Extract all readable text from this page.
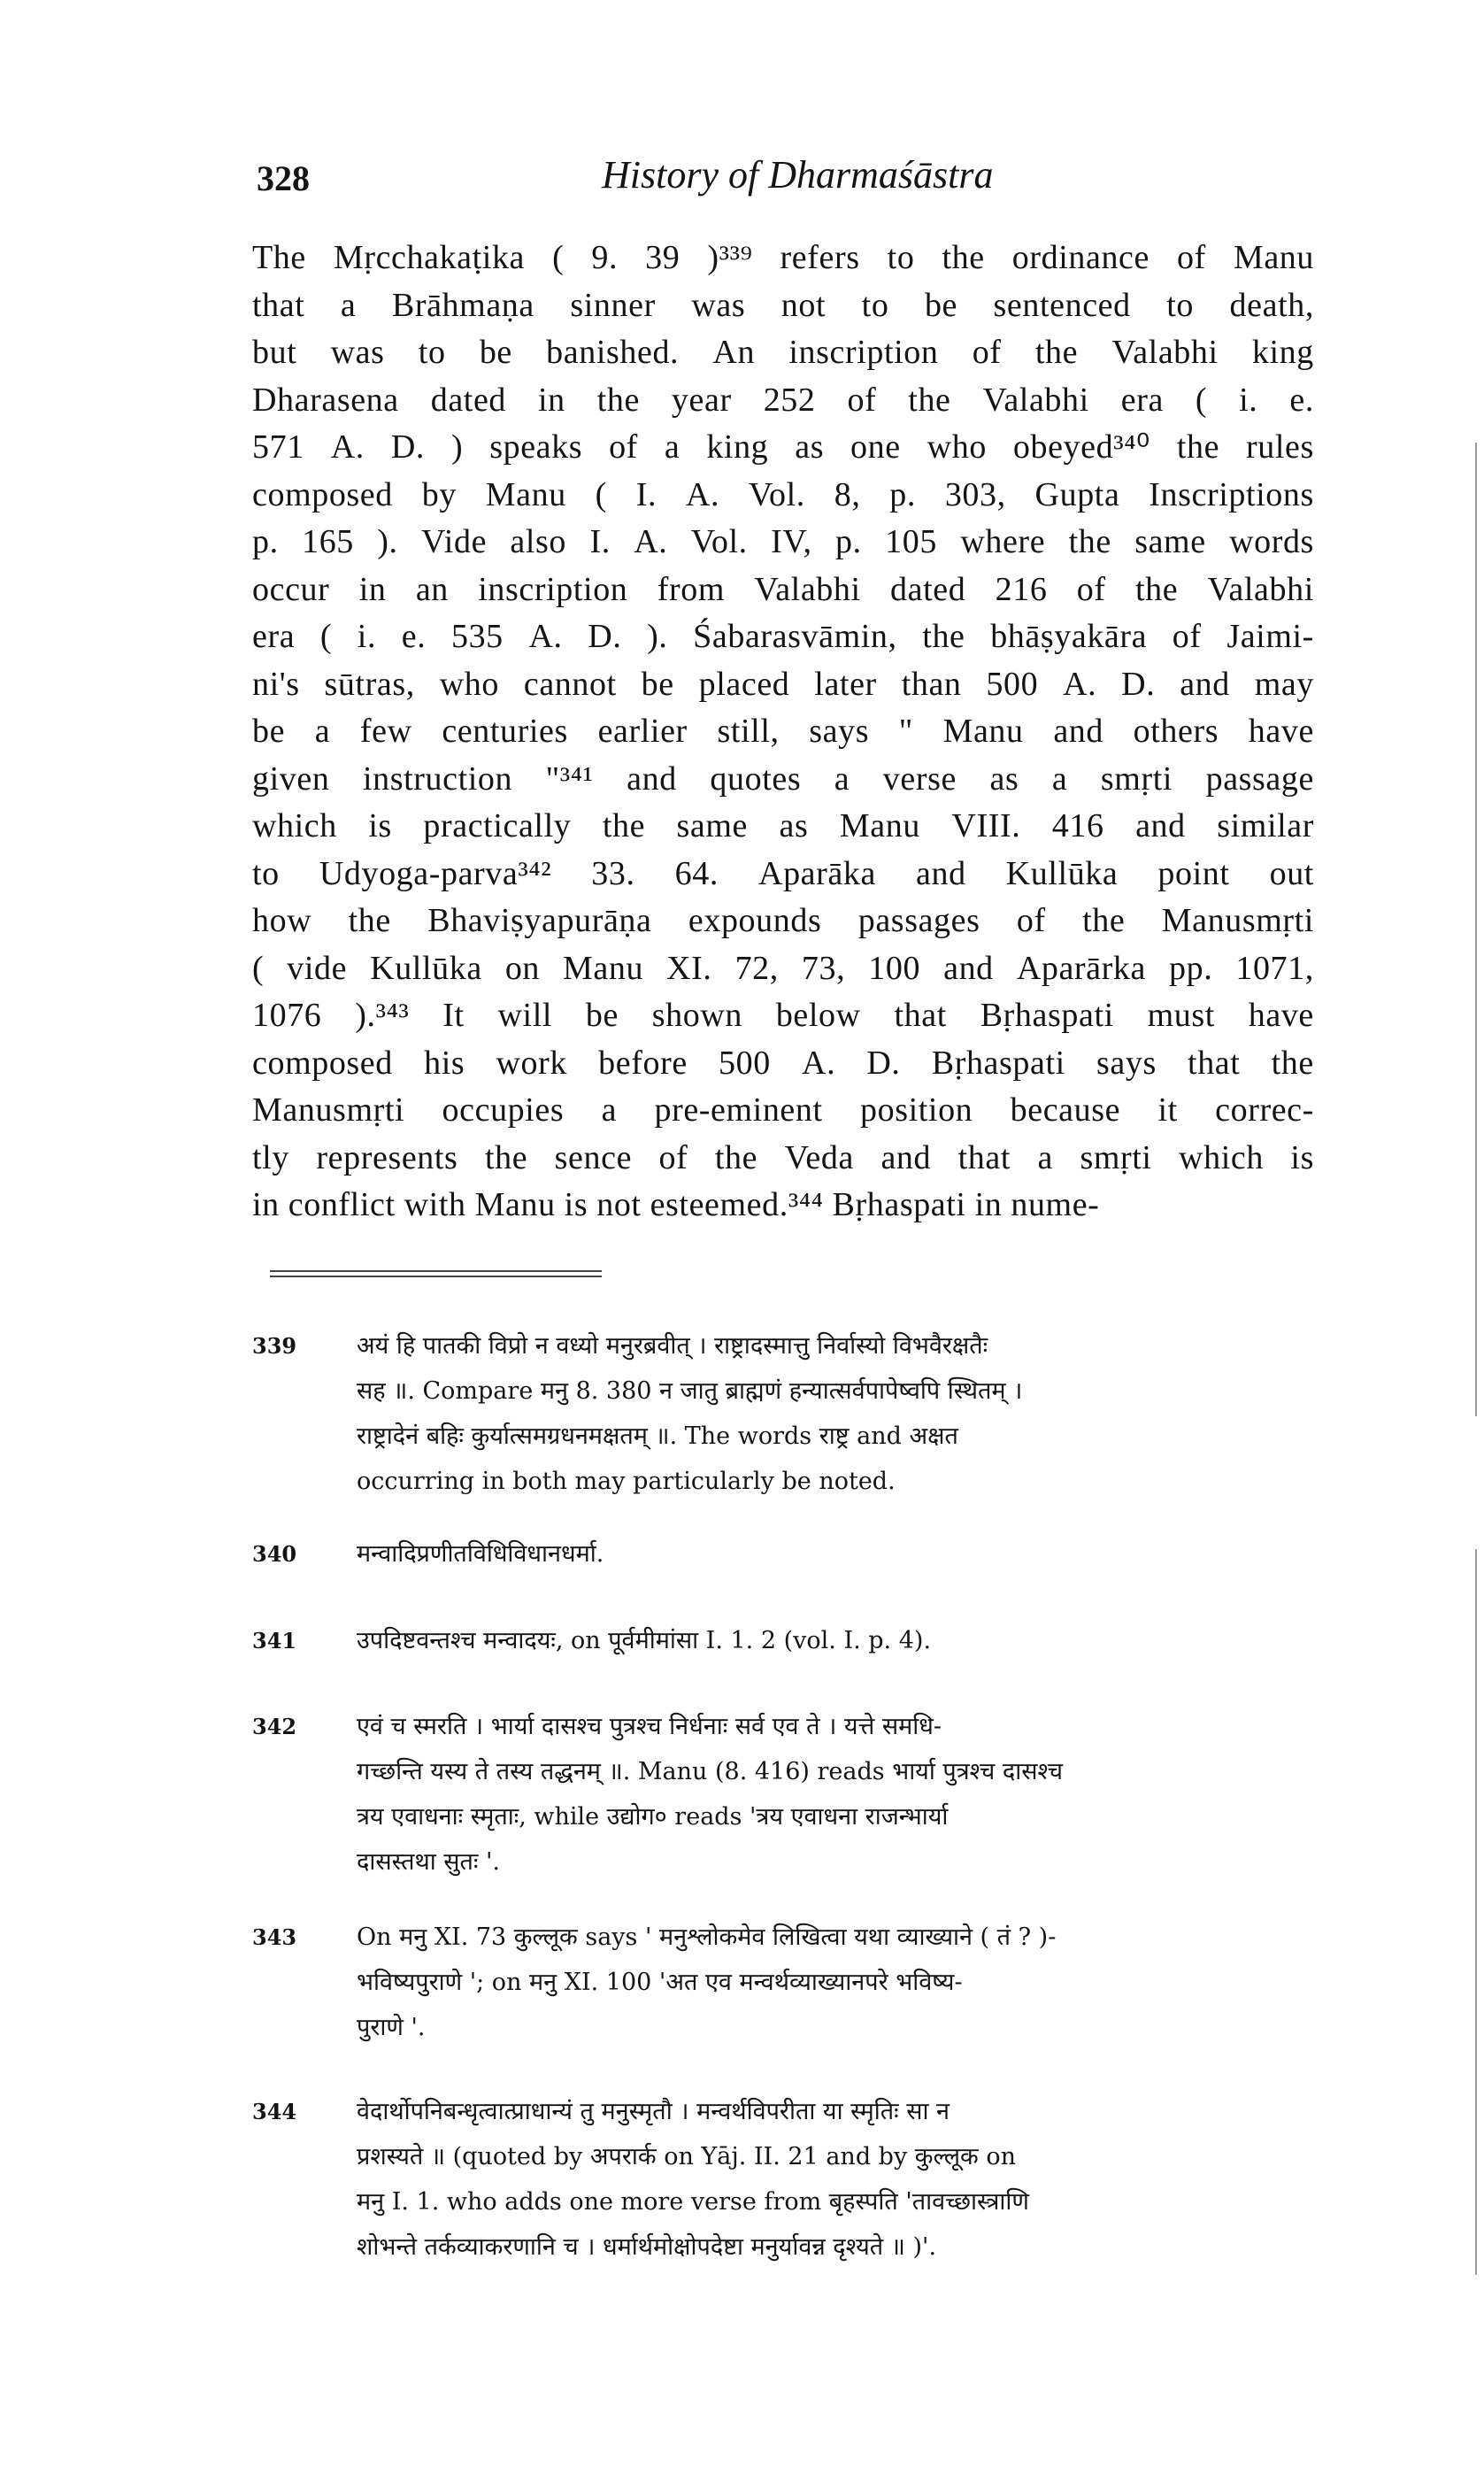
328	History of Dharmaśāstra
The Mṛcchakaṭika ( 9. 39 )³³⁹ refers to the ordinance of Manu
that a Brāhmaṇa sinner was not to be sentenced to death,
but was to be banished. An inscription of the Valabhi king
Dharasena dated in the year 252 of the Valabhi era ( i. e.
571 A. D. ) speaks of a king as one who obeyed³⁴⁰ the rules
composed by Manu ( I. A. Vol. 8, p. 303, Gupta Inscriptions
p. 165 ). Vide also I. A. Vol. IV, p. 105 where the same words
occur in an inscription from Valabhi dated 216 of the Valabhi
era ( i. e. 535 A. D. ). Śabarasvāmin, the bhāṣyakāra of Jaimi-
ni's sūtras, who cannot be placed later than 500 A. D. and may
be a few centuries earlier still, says " Manu and others have
given instruction "³⁴¹ and quotes a verse as a smṛti passage
which is practically the same as Manu VIII. 416 and similar
to Udyoga-parva³⁴² 33. 64. Aparāka and Kullūka point out
how the Bhaviṣyapurāṇa expounds passages of the Manusmṛti
( vide Kullūka on Manu XI. 72, 73, 100 and Aparārka pp. 1071,
1076 ).³⁴³ It will be shown below that Bṛhaspati must have
composed his work before 500 A. D. Bṛhaspati says that the
Manusmṛti occupies a pre-eminent position because it correc-
tly represents the sence of the Veda and that a smṛti which is
in conflict with Manu is not esteemed.³⁴⁴ Bṛhaspati in nume-
339	अयं हि पातकी विप्रो न वध्यो मनुरब्रवीत् । राष्ट्रादस्मात्तु निर्वास्यो विभवैरक्षतैः
सह ॥. Compare मनु 8. 380 न जातु ब्राह्मणं हन्यात्सर्वपापेष्वपि स्थितम् ।
राष्ट्रादेनं बहिः कुर्यात्समग्रधनमक्षतम् ॥. The words राष्ट्र and अक्षत
occurring in both may particularly be noted.
340	मन्वादिप्रणीतविधिविधानधर्मा.
341	उपदिष्टवन्तश्च मन्वादयः, on पूर्वमीमांसा I. 1. 2 (vol. I. p. 4).
342	एवं च स्मरति । भार्या दासश्च पुत्रश्च निर्धनाः सर्व एव ते । यत्ते समधि-
गच्छन्ति यस्य ते तस्य तद्धनम् ॥. Manu (8. 416) reads भार्या पुत्रश्च दासश्च
त्रय एवाधनाः स्मृताः, while उद्योग० reads 'त्रय एवाधना राजन्भार्या
दासस्तथा सुतः '.
343	On मनु XI. 73 कुल्लूक says ' मनुश्लोकमेव लिखित्वा यथा व्याख्याने ( तं ? )-
भविष्यपुराणे '; on मनु XI. 100 'अत एव मन्वर्थव्याख्यानपरे भविष्य-
पुराणे '.
344	वेदार्थोपनिबन्धृत्वात्प्राधान्यं तु मनुस्मृतौ । मन्वर्थविपरीता या स्मृतिः सा न
प्रशस्यते ॥ (quoted by अपरार्क on Yāj. II. 21 and by कुल्लूक on
मनु I. 1. who adds one more verse from बृहस्पति 'तावच्छास्त्राणि
शोभन्ते तर्कव्याकरणानि च । धर्मार्थमोक्षोपदेष्टा मनुर्यावन्न दृश्यते ॥ )'.
